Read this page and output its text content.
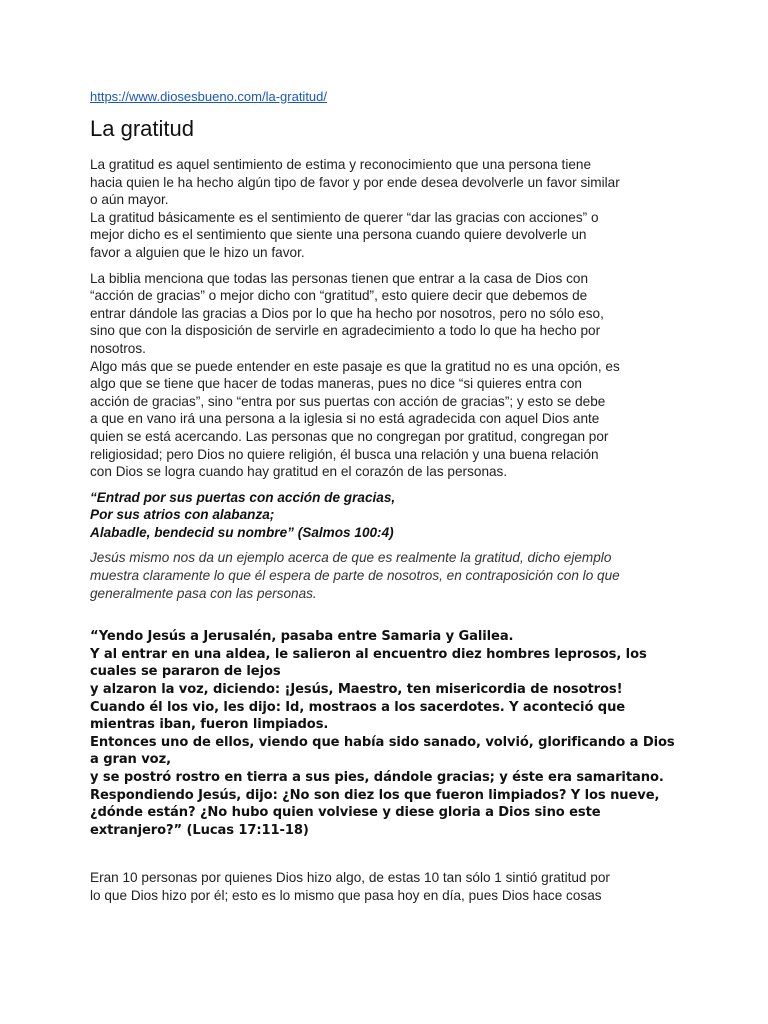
https://www.diosesbueno.com/la-gratitud/
La gratitud
La gratitud es aquel sentimiento de estima y reconocimiento que una persona tiene
hacia quien le ha hecho algún tipo de favor y por ende desea devolverle un favor similar
o aún mayor.
La gratitud básicamente es el sentimiento de querer “dar las gracias con acciones” o
mejor dicho es el sentimiento que siente una persona cuando quiere devolverle un
favor a alguien que le hizo un favor.
La biblia menciona que todas las personas tienen que entrar a la casa de Dios con
“acción de gracias” o mejor dicho con “gratitud”, esto quiere decir que debemos de
entrar dándole las gracias a Dios por lo que ha hecho por nosotros, pero no sólo eso,
sino que con la disposición de servirle en agradecimiento a todo lo que ha hecho por
nosotros.
Algo más que se puede entender en este pasaje es que la gratitud no es una opción, es
algo que se tiene que hacer de todas maneras, pues no dice “si quieres entra con
acción de gracias”, sino “entra por sus puertas con acción de gracias”; y esto se debe
a que en vano irá una persona a la iglesia si no está agradecida con aquel Dios ante
quien se está acercando. Las personas que no congregan por gratitud, congregan por
religiosidad; pero Dios no quiere religión, él busca una relación y una buena relación
con Dios se logra cuando hay gratitud en el corazón de las personas.
“Entrad por sus puertas con acción de gracias,
Por sus atrios con alabanza;
Alabadle, bendecid su nombre” (Salmos 100:4)
Jesús mismo nos da un ejemplo acerca de que es realmente la gratitud, dicho ejemplo
muestra claramente lo que él espera de parte de nosotros, en contraposición con lo que
generalmente pasa con las personas.
“Yendo Jesús a Jerusalén, pasaba entre Samaria y Galilea.
Y al entrar en una aldea, le salieron al encuentro diez hombres leprosos, los
cuales se pararon de lejos
y alzaron la voz, diciendo: ¡Jesús, Maestro, ten misericordia de nosotros!
Cuando él los vio, les dijo: Id, mostraos a los sacerdotes. Y aconteció que
mientras iban, fueron limpiados.
Entonces uno de ellos, viendo que había sido sanado, volvió, glorificando a Dios
a gran voz,
y se postró rostro en tierra a sus pies, dándole gracias; y éste era samaritano.
Respondiendo Jesús, dijo: ¿No son diez los que fueron limpiados? Y los nueve,
¿dónde están? ¿No hubo quien volviese y diese gloria a Dios sino este
extranjero?” (Lucas 17:11-18)
Eran 10 personas por quienes Dios hizo algo, de estas 10 tan sólo 1 sintió gratitud por
lo que Dios hizo por él; esto es lo mismo que pasa hoy en día, pues Dios hace cosas
